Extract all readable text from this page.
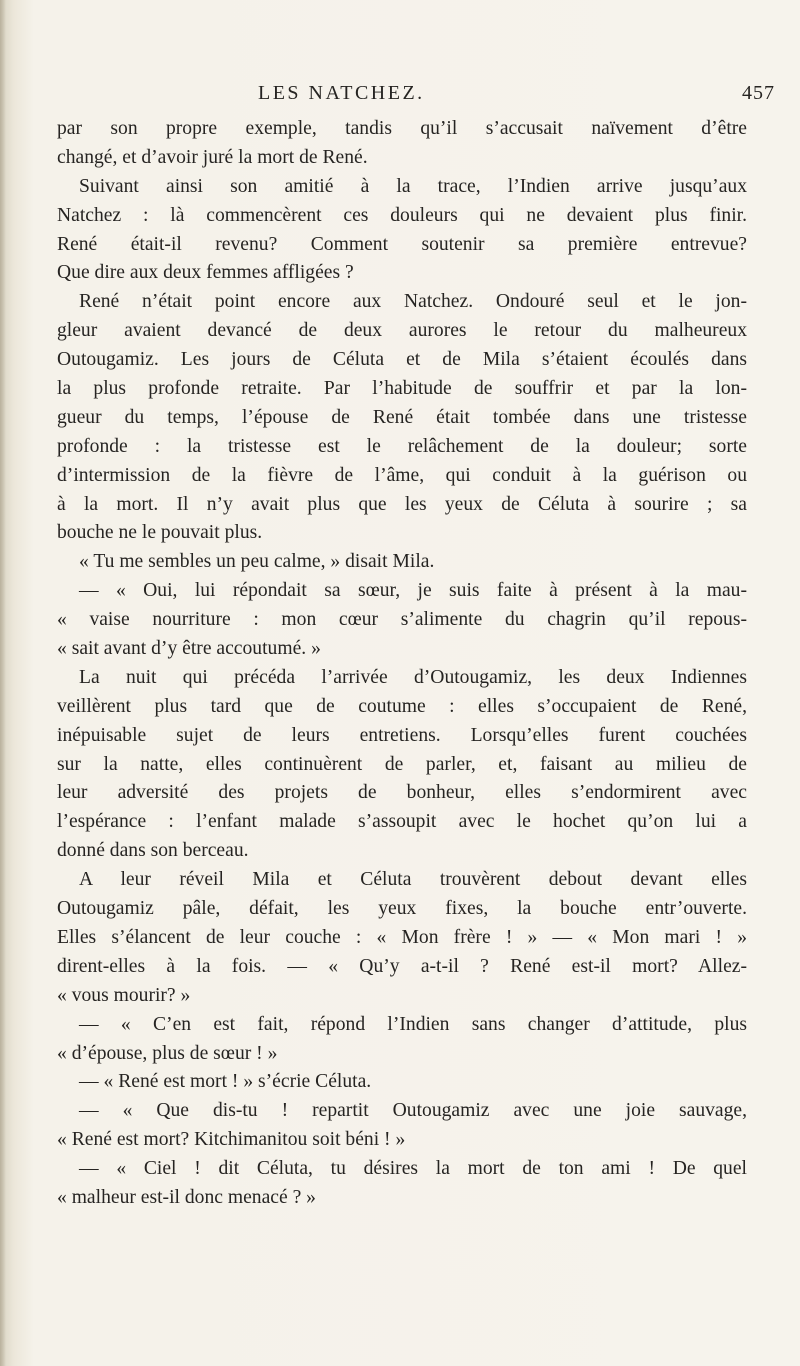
LES NATCHEZ.	457
par son propre exemple, tandis qu’il s’accusait naïvement d’être
changé, et d’avoir juré la mort de René.
Suivant ainsi son amitié à la trace, l’Indien arrive jusqu’aux
Natchez : là commencèrent ces douleurs qui ne devaient plus finir.
René était-il revenu? Comment soutenir sa première entrevue?
Que dire aux deux femmes affligées ?
René n’était point encore aux Natchez. Ondouré seul et le jon-
gleur avaient devancé de deux aurores le retour du malheureux
Outougamiz. Les jours de Céluta et de Mila s’étaient écoulés dans
la plus profonde retraite. Par l’habitude de souffrir et par la lon-
gueur du temps, l’épouse de René était tombée dans une tristesse
profonde : la tristesse est le relâchement de la douleur; sorte
d’intermission de la fièvre de l’âme, qui conduit à la guérison ou
à la mort. Il n’y avait plus que les yeux de Céluta à sourire ; sa
bouche ne le pouvait plus.
« Tu me sembles un peu calme, » disait Mila.
— « Oui, lui répondait sa sœur, je suis faite à présent à la mau-
« vaise nourriture : mon cœur s’alimente du chagrin qu’il repous-
« sait avant d’y être accoutumé. »
La nuit qui précéda l’arrivée d’Outougamiz, les deux Indiennes
veillèrent plus tard que de coutume : elles s’occupaient de René,
inépuisable sujet de leurs entretiens. Lorsqu’elles furent couchées
sur la natte, elles continuèrent de parler, et, faisant au milieu de
leur adversité des projets de bonheur, elles s’endormirent avec
l’espérance : l’enfant malade s’assoupit avec le hochet qu’on lui a
donné dans son berceau.
A leur réveil Mila et Céluta trouvèrent debout devant elles
Outougamiz pâle, défait, les yeux fixes, la bouche entr’ouverte.
Elles s’élancent de leur couche : « Mon frère ! » — « Mon mari ! »
dirent-elles à la fois. — « Qu’y a-t-il ? René est-il mort? Allez-
« vous mourir? »
— « C’en est fait, répond l’Indien sans changer d’attitude, plus
« d’épouse, plus de sœur ! »
— « René est mort ! » s’écrie Céluta.
— « Que dis-tu ! repartit Outougamiz avec une joie sauvage,
« René est mort? Kitchimanitou soit béni ! »
— « Ciel ! dit Céluta, tu désires la mort de ton ami ! De quel
« malheur est-il donc menacé ? »
